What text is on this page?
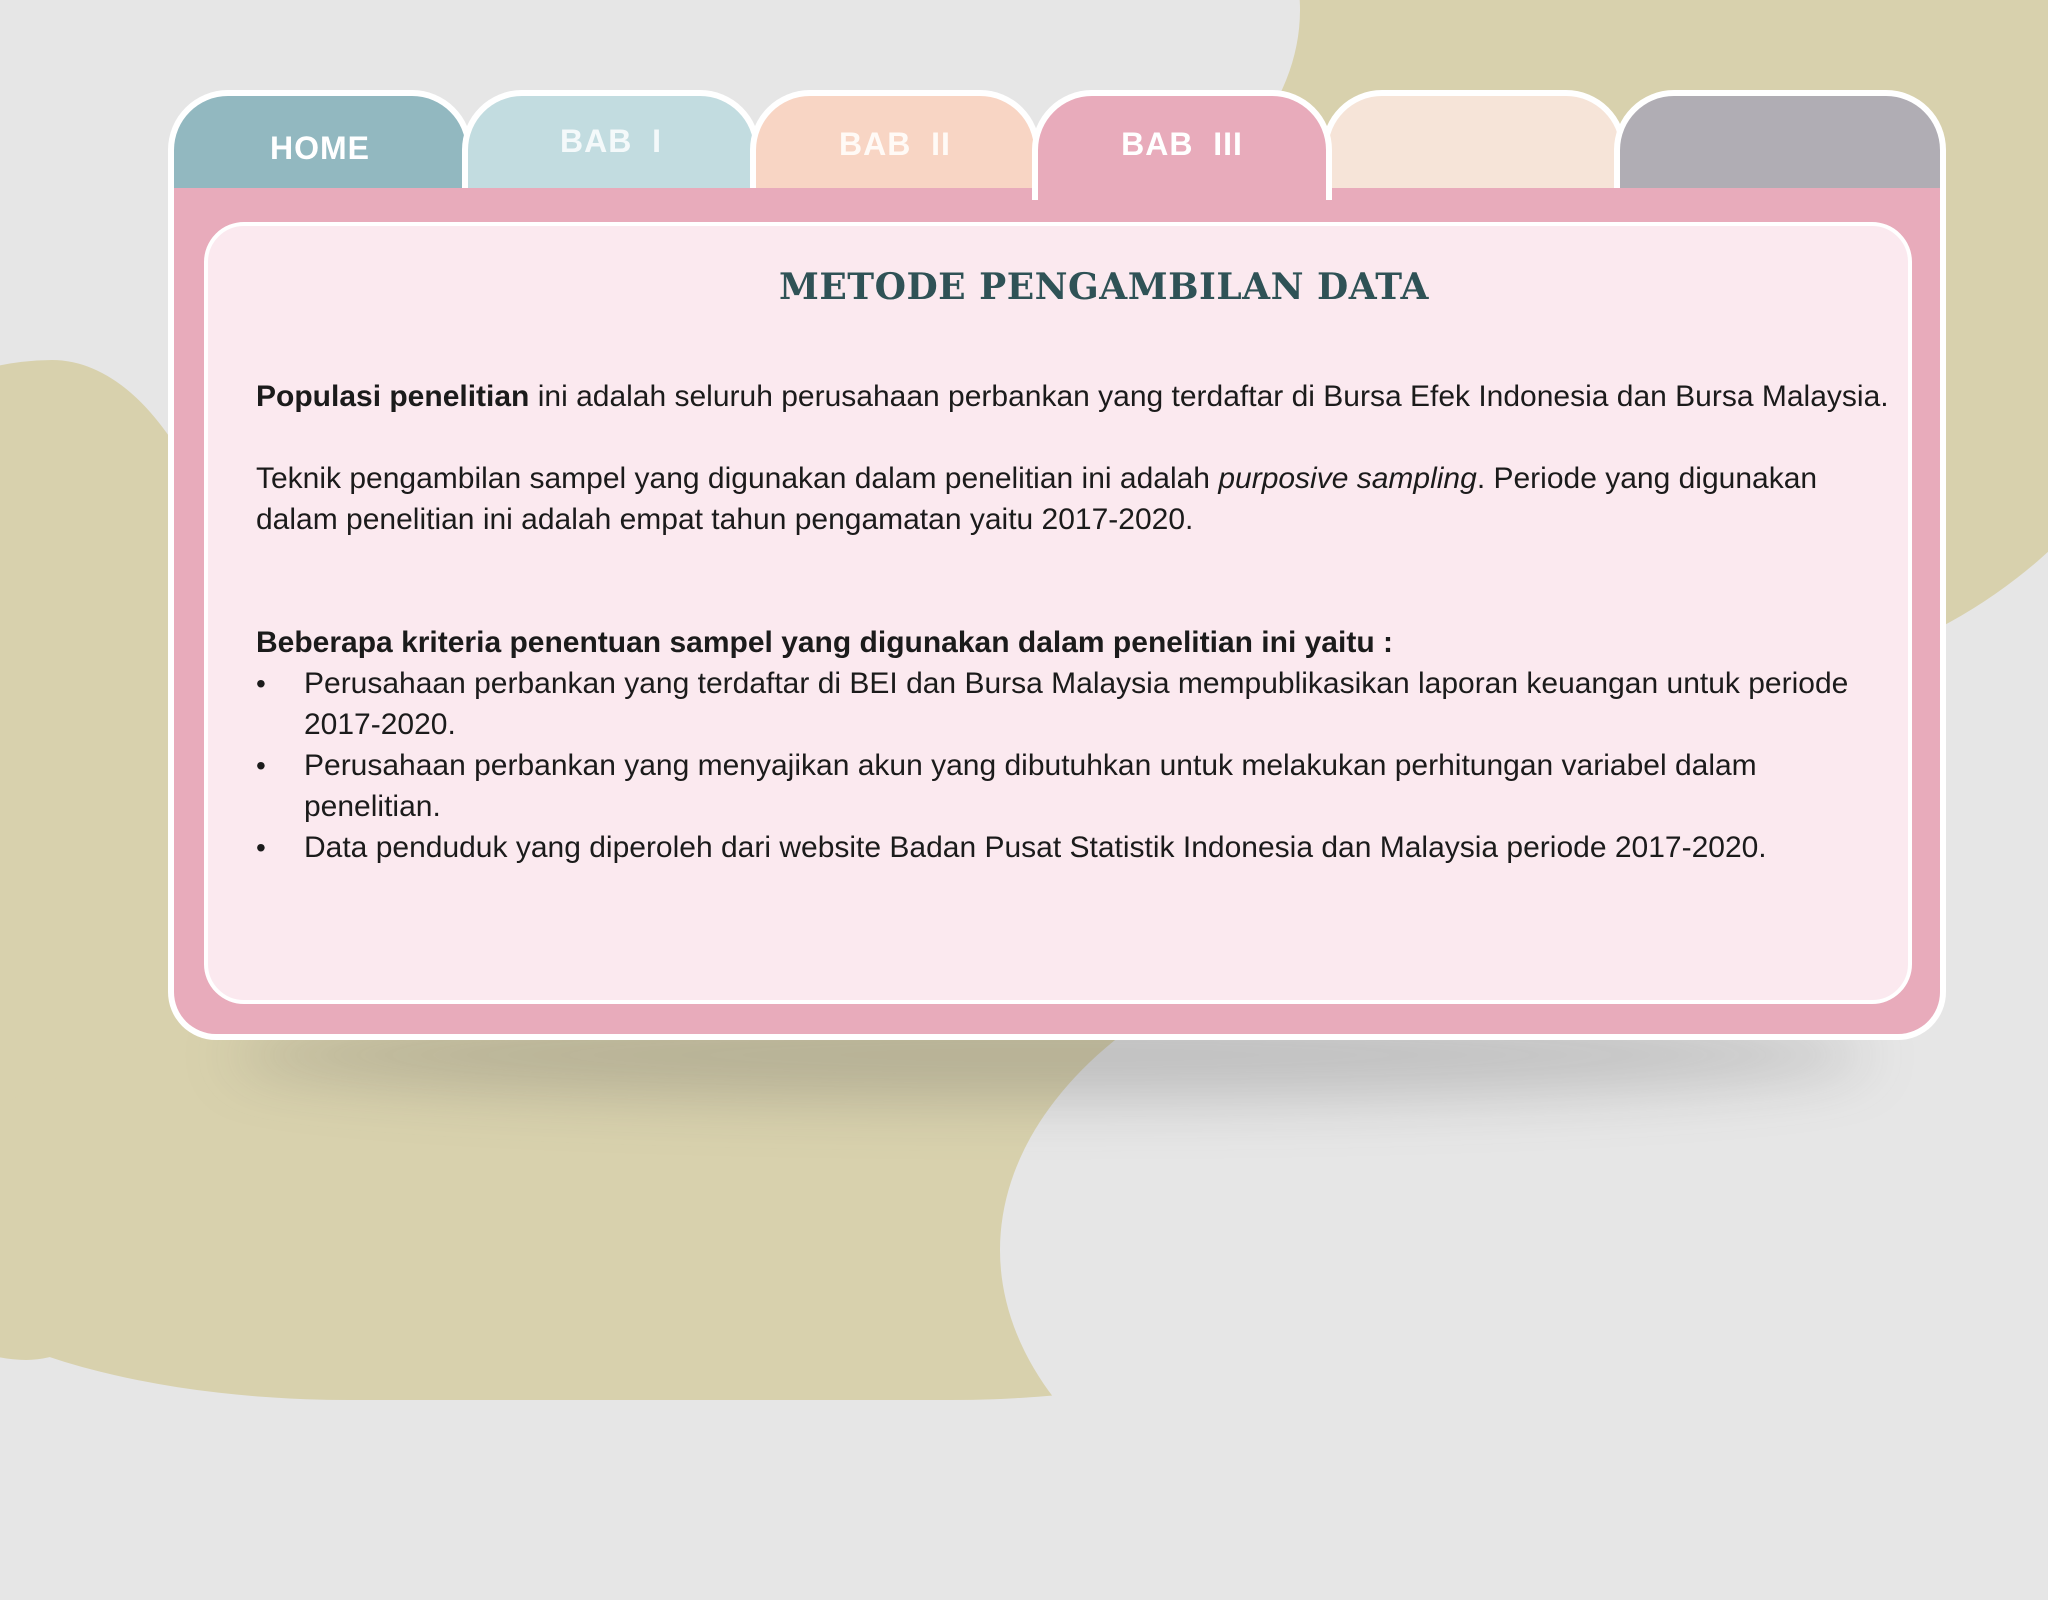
HOME	BAB  I	BAB  II	BAB  III
METODE PENGAMBILAN DATA

Populasi penelitian ini adalah seluruh perusahaan perbankan yang terdaftar di Bursa Efek Indonesia dan Bursa Malaysia.

Teknik pengambilan sampel yang digunakan dalam penelitian ini adalah purposive sampling. Periode yang digunakan dalam penelitian ini adalah empat tahun pengamatan yaitu 2017-2020.

Beberapa kriteria penentuan sampel yang digunakan dalam penelitian ini yaitu :

• Perusahaan perbankan yang terdaftar di BEI dan Bursa Malaysia mempublikasikan laporan keuangan untuk periode 2017-2020.
• Perusahaan perbankan yang menyajikan akun yang dibutuhkan untuk melakukan perhitungan variabel dalam penelitian.
• Data penduduk yang diperoleh dari website Badan Pusat Statistik Indonesia dan Malaysia periode 2017-2020.
